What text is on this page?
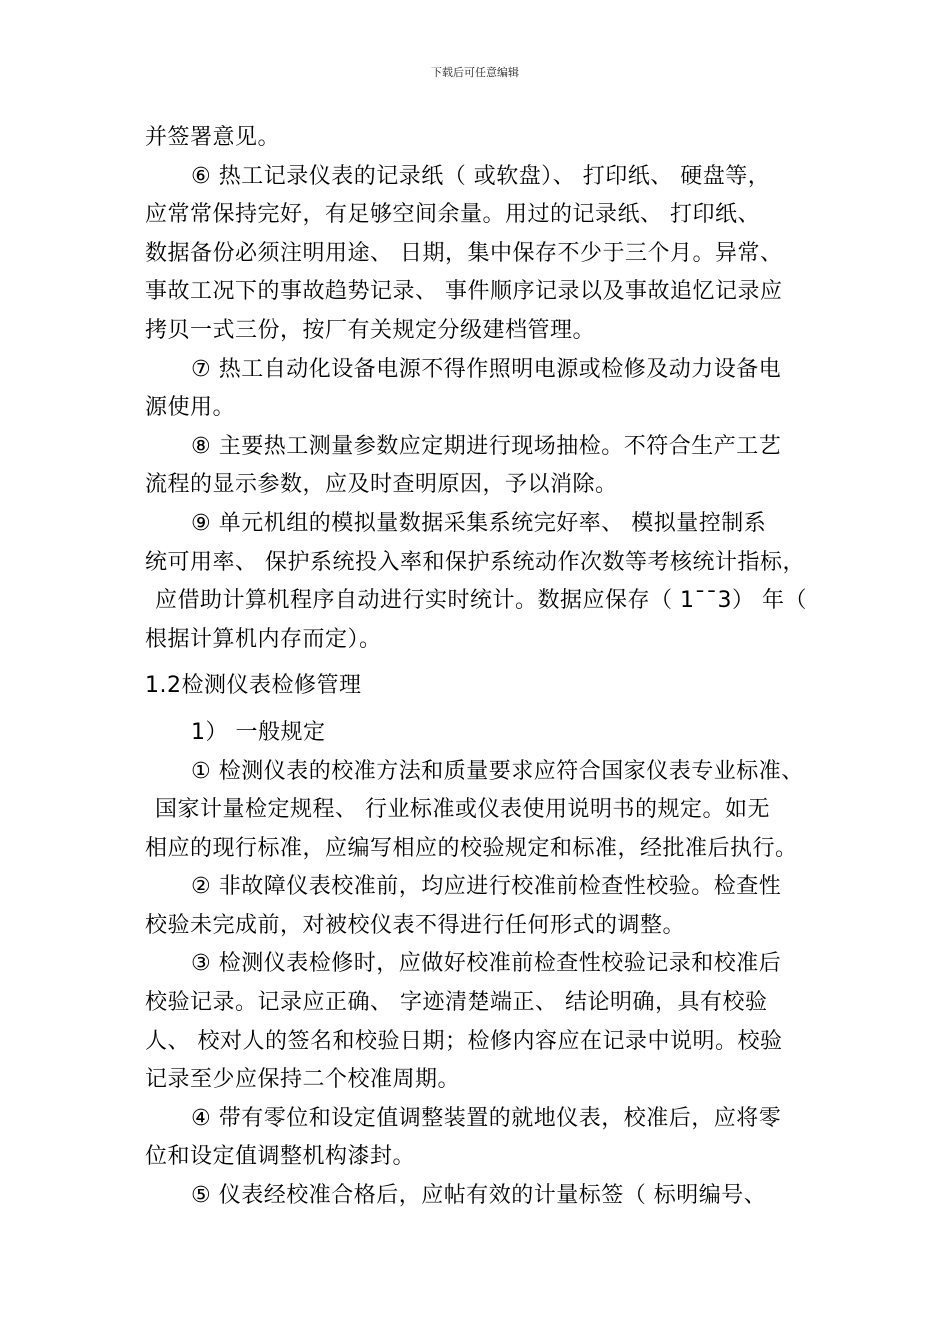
下载后可任意编辑
并签署意见。
⑥ 热工记录仪表的记录纸（ 或软盘）、 打印纸、 硬盘等，
应常常保持完好，有足够空间余量。用过的记录纸、 打印纸、
数据备份必须注明用途、 日期，集中保存不少于三个月。异常、
事故工况下的事故趋势记录、 事件顺序记录以及事故追忆记录应
拷贝一式三份，按厂有关规定分级建档管理。
⑦ 热工自动化设备电源不得作照明电源或检修及动力设备电
源使用。
⑧ 主要热工测量参数应定期进行现场抽检。不符合生产工艺
流程的显示参数，应及时查明原因，予以消除。
⑨ 单元机组的模拟量数据采集系统完好率、 模拟量控制系
统可用率、 保护系统投入率和保护系统动作次数等考核统计指标，
应借助计算机程序自动进行实时统计。数据应保存（ 1¯¯3） 年（
根据计算机内存而定）。
1.2检测仪表检修管理
1） 一般规定
① 检测仪表的校准方法和质量要求应符合国家仪表专业标准、
国家计量检定规程、 行业标准或仪表使用说明书的规定。如无
相应的现行标准，应编写相应的校验规定和标准，经批准后执行。
② 非故障仪表校准前，均应进行校准前检查性校验。检查性
校验未完成前，对被校仪表不得进行任何形式的调整。
③ 检测仪表检修时，应做好校准前检查性校验记录和校准后
校验记录。记录应正确、 字迹清楚端正、 结论明确，具有校验
人、 校对人的签名和校验日期；检修内容应在记录中说明。校验
记录至少应保持二个校准周期。
④ 带有零位和设定值调整装置的就地仪表，校准后，应将零
位和设定值调整机构漆封。
⑤ 仪表经校准合格后，应帖有效的计量标签（ 标明编号、
